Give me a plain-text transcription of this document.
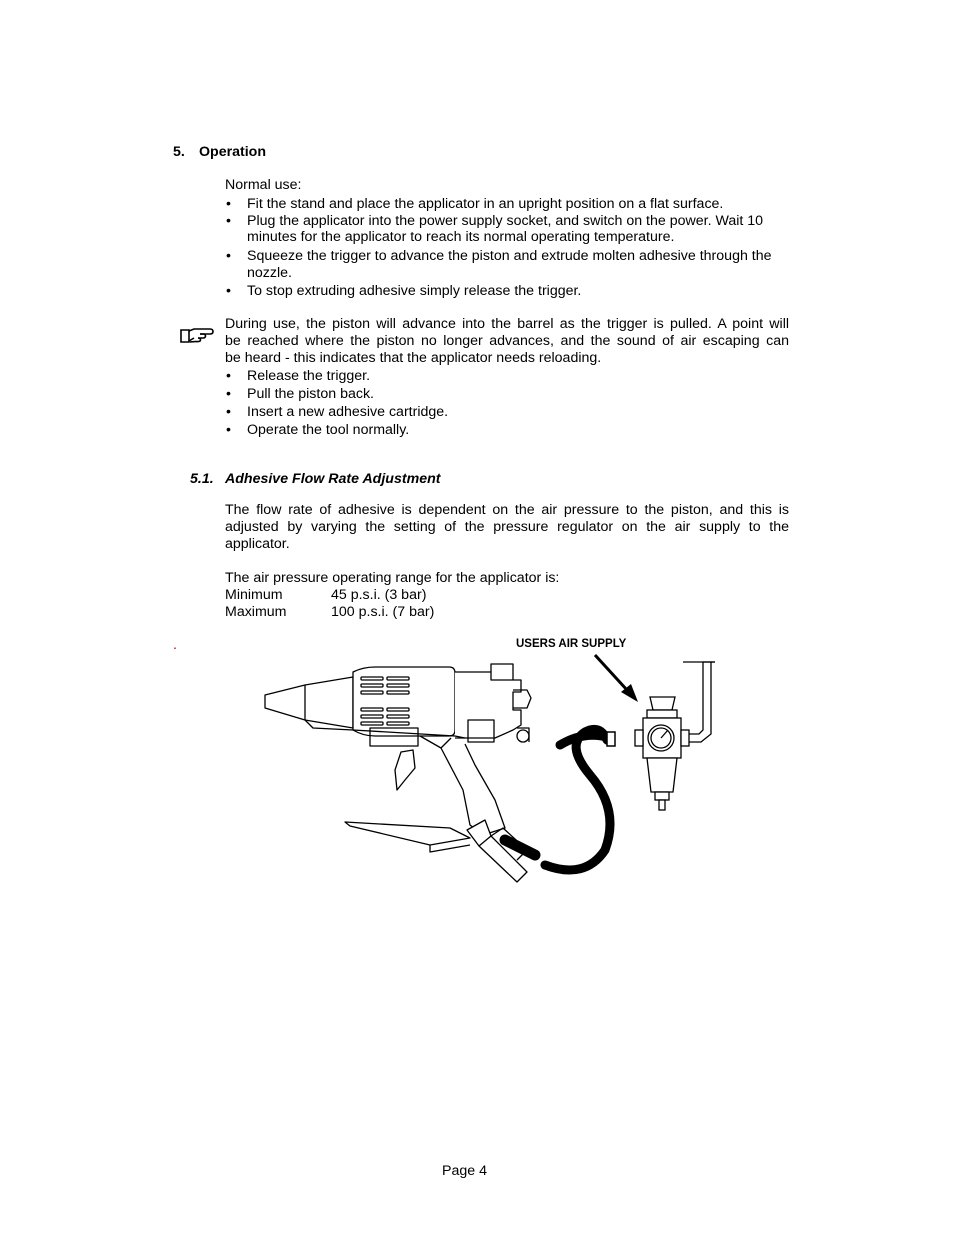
5. Operation
Normal use:
• Fit the stand and place the applicator in an upright position on a flat surface.
• Plug the applicator into the power supply socket, and switch on the power. Wait 10
minutes for the applicator to reach its normal operating temperature.
• Squeeze the trigger to advance the piston and extrude molten adhesive through the
nozzle.
• To stop extruding adhesive simply release the trigger.
During use, the piston will advance into the barrel as the trigger is pulled. A point will
be reached where the piston no longer advances, and the sound of air escaping can
be heard - this indicates that the applicator needs reloading.
• Release the trigger.
• Pull the piston back.
• Insert a new adhesive cartridge.
• Operate the tool normally.
5.1. Adhesive Flow Rate Adjustment
The flow rate of adhesive is dependent on the air pressure to the piston, and this is
adjusted by varying the setting of the pressure regulator on the air supply to the
applicator.
The air pressure operating range for the applicator is:
Minimum	45 p.s.i. (3 bar)
Maximum	100 p.s.i. (7 bar)
.	USERS AIR SUPPLY
Page 4
